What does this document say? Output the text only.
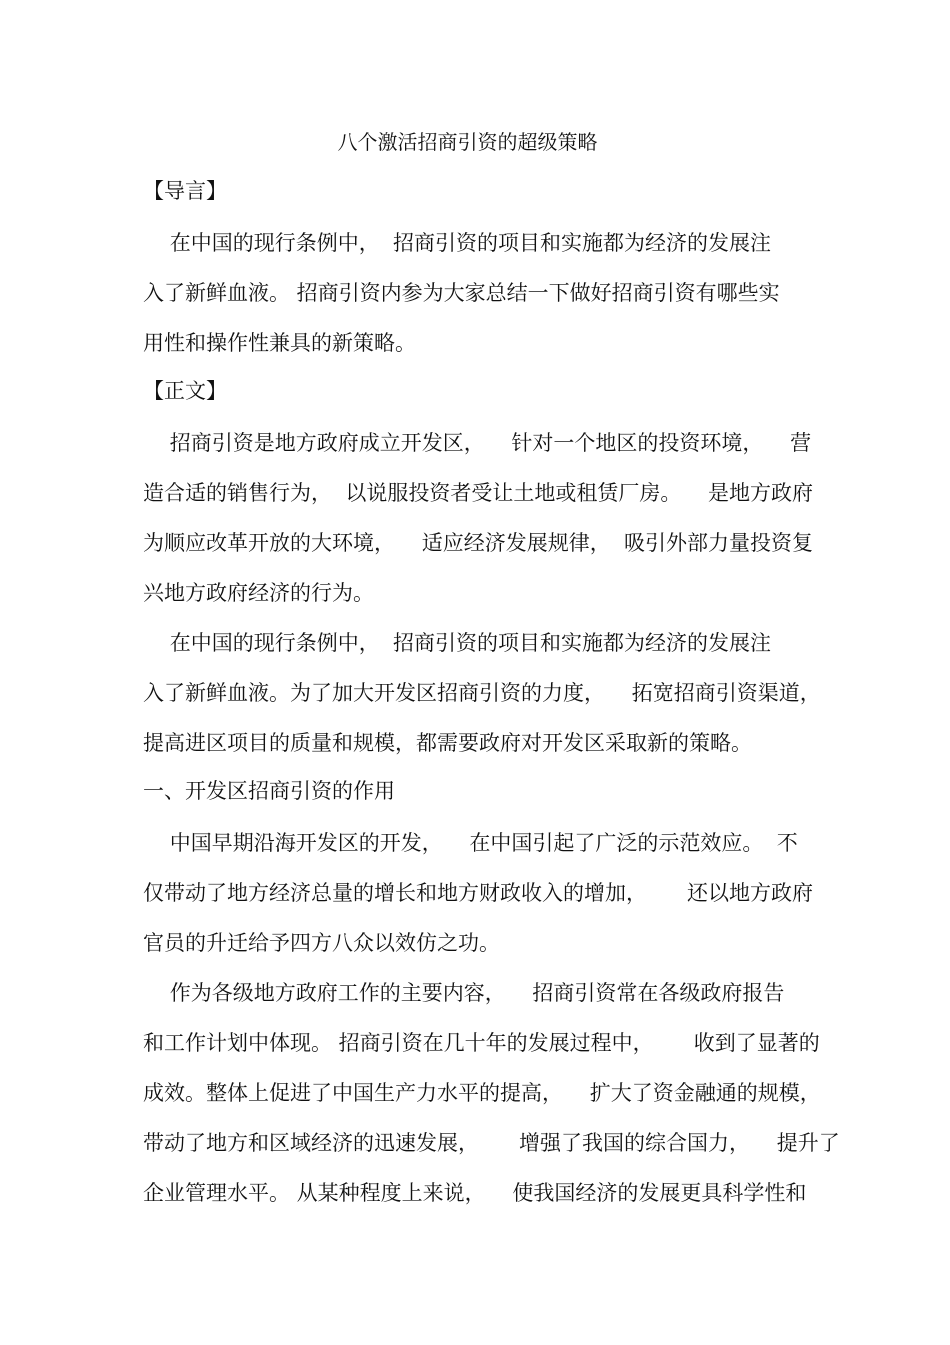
八个激活招商引资的超级策略
【导言】
在中国的现行条例中，  招商引资的项目和实施都为经济的发展注
入了新鲜血液。 招商引资内参为大家总结一下做好招商引资有哪些实
用性和操作性兼具的新策略。
【正文】
招商引资是地方政府成立开发区，    针对一个地区的投资环境，    营
造合适的销售行为，  以说服投资者受让土地或租赁厂房。    是地方政府
为顺应改革开放的大环境，    适应经济发展规律，  吸引外部力量投资复
兴地方政府经济的行为。
在中国的现行条例中，  招商引资的项目和实施都为经济的发展注
入了新鲜血液。为了加大开发区招商引资的力度，    拓宽招商引资渠道，
提高进区项目的质量和规模，都需要政府对开发区采取新的策略。
一、开发区招商引资的作用
中国早期沿海开发区的开发，    在中国引起了广泛的示范效应。  不
仅带动了地方经济总量的增长和地方财政收入的增加，      还以地方政府
官员的升迁给予四方八众以效仿之功。
作为各级地方政府工作的主要内容，    招商引资常在各级政府报告
和工作计划中体现。 招商引资在几十年的发展过程中，      收到了显著的
成效。整体上促进了中国生产力水平的提高，    扩大了资金融通的规模，
带动了地方和区域经济的迅速发展，      增强了我国的综合国力，    提升了
企业管理水平。 从某种程度上来说，    使我国经济的发展更具科学性和
